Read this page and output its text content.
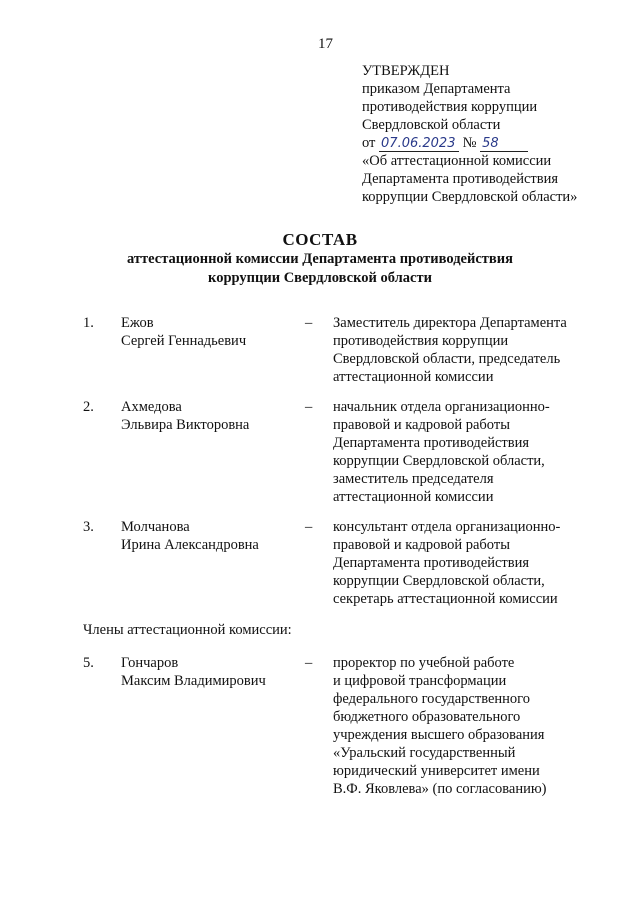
17
УТВЕРЖДЕН
приказом Департамента
противодействия коррупции
Свердловской области
от 07.06.2023 № 58
«Об аттестационной комиссии
Департамента противодействия
коррупции Свердловской области»
СОСТАВ
аттестационной комиссии Департамента противодействия
коррупции Свердловской области
1. Ежов
Сергей Геннадьевич
– Заместитель директора Департамента
противодействия коррупции
Свердловской области, председатель
аттестационной комиссии
2. Ахмедова
Эльвира Викторовна
– начальник отдела организационно-
правовой и кадровой работы
Департамента противодействия
коррупции Свердловской области,
заместитель председателя
аттестационной комиссии
3. Молчанова
Ирина Александровна
– консультант отдела организационно-
правовой и кадровой работы
Департамента противодействия
коррупции Свердловской области,
секретарь аттестационной комиссии
Члены аттестационной комиссии:
5. Гончаров
Максим Владимирович
– проректор по учебной работе
и цифровой трансформации
федерального государственного
бюджетного образовательного
учреждения высшего образования
«Уральский государственный
юридический университет имени
В.Ф. Яковлева» (по согласованию)
